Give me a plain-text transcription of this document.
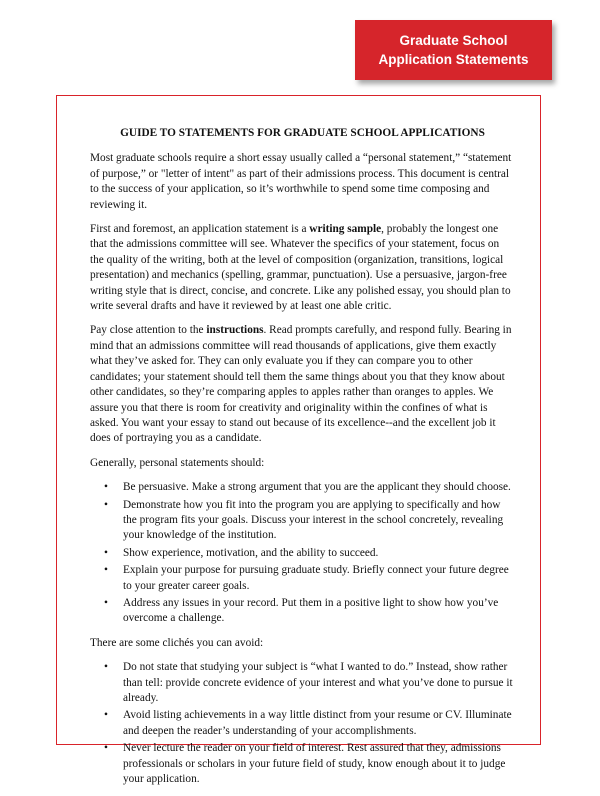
Graduate School
Application Statements
GUIDE TO STATEMENTS FOR GRADUATE SCHOOL APPLICATIONS

Most graduate schools require a short essay usually called a “personal statement,” “statement of purpose,” or "letter of intent" as part of their admissions process. This document is central to the success of your application, so it’s worthwhile to spend some time composing and reviewing it.

First and foremost, an application statement is a writing sample, probably the longest one that the admissions committee will see. Whatever the specifics of your statement, focus on the quality of the writing, both at the level of composition (organization, transitions, logical presentation) and mechanics (spelling, grammar, punctuation). Use a persuasive, jargon-free writing style that is direct, concise, and concrete. Like any polished essay, you should plan to write several drafts and have it reviewed by at least one able critic.

Pay close attention to the instructions. Read prompts carefully, and respond fully. Bearing in mind that an admissions committee will read thousands of applications, give them exactly what they’ve asked for. They can only evaluate you if they can compare you to other candidates; your statement should tell them the same things about you that they know about other candidates, so they’re comparing apples to apples rather than oranges to apples. We assure you that there is room for creativity and originality within the confines of what is asked. You want your essay to stand out because of its excellence--and the excellent job it does of portraying you as a candidate.

Generally, personal statements should:

• Be persuasive. Make a strong argument that you are the applicant they should choose.
• Demonstrate how you fit into the program you are applying to specifically and how the program fits your goals. Discuss your interest in the school concretely, revealing your knowledge of the institution.
• Show experience, motivation, and the ability to succeed.
• Explain your purpose for pursuing graduate study. Briefly connect your future degree to your greater career goals.
• Address any issues in your record. Put them in a positive light to show how you’ve overcome a challenge.

There are some clichés you can avoid:

• Do not state that studying your subject is “what I wanted to do.” Instead, show rather than tell: provide concrete evidence of your interest and what you’ve done to pursue it already.
• Avoid listing achievements in a way little distinct from your resume or CV. Illuminate and deepen the reader’s understanding of your accomplishments.
• Never lecture the reader on your field of interest. Rest assured that they, admissions professionals or scholars in your future field of study, know enough about it to judge your application.
